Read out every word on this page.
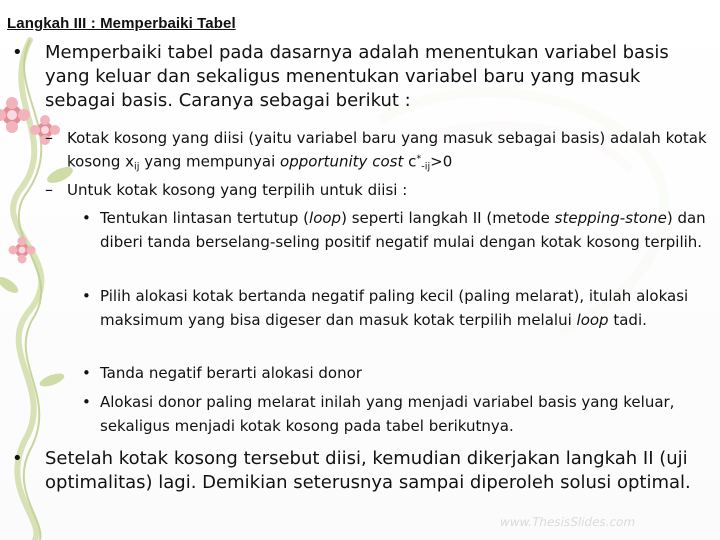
www.ThesisSlides.com
Langkah III : Memperbaiki Tabel
•	Memperbaiki tabel pada dasarnya adalah menentukan variabel basis yang keluar dan sekaligus menentukan variabel baru yang masuk sebagai basis. Caranya sebagai berikut :
– Kotak kosong yang diisi (yaitu variabel baru yang masuk sebagai basis) adalah kotak kosong $x_{ij}$ yang mempunyai opportunity cost $c^*_{-ij}>0$
– Untuk kotak kosong yang terpilih untuk diisi :
• Tentukan lintasan tertutup (loop) seperti langkah II (metode stepping-stone) dan diberi tanda berselang-seling positif negatif mulai dengan kotak kosong terpilih.
• Pilih alokasi kotak bertanda negatif paling kecil (paling melarat), itulah alokasi maksimum yang bisa digeser dan masuk kotak terpilih melalui loop tadi.
• Tanda negatif berarti alokasi donor
• Alokasi donor paling melarat inilah yang menjadi variabel basis yang keluar, sekaligus menjadi kotak kosong pada tabel berikutnya.
•	Setelah kotak kosong tersebut diisi, kemudian dikerjakan langkah II (uji optimalitas) lagi. Demikian seterusnya sampai diperoleh solusi optimal.
